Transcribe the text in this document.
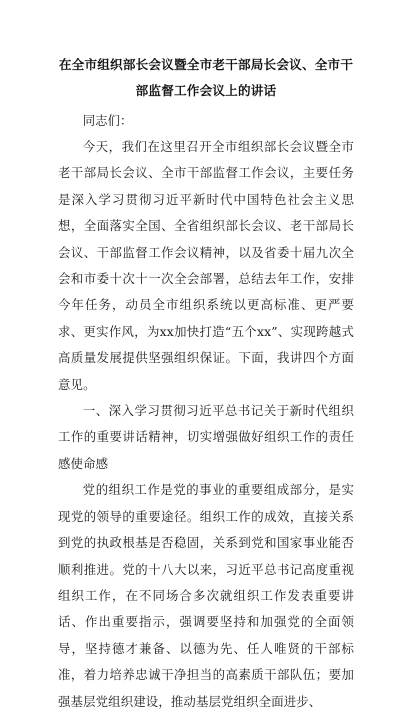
在全市组织部长会议暨全市老干部局长会议、全市干部监督工作会议上的讲话

同志们：

今天，我们在这里召开全市组织部长会议暨全市老干部局长会议、全市干部监督工作会议，主要任务是深入学习贯彻习近平新时代中国特色社会主义思想，全面落实全国、全省组织部长会议、老干部局长会议、干部监督工作会议精神，以及省委十届九次全会和市委十次十一次全会部署，总结去年工作，安排今年任务，动员全市组织系统以更高标准、更严要求、更实作风，为xx加快打造“五个xx”、实现跨越式高质量发展提供坚强组织保证。下面，我讲四个方面意见。

一、深入学习贯彻习近平总书记关于新时代组织工作的重要讲话精神，切实增强做好组织工作的责任感使命感

党的组织工作是党的事业的重要组成部分，是实现党的领导的重要途径。组织工作的成效，直接关系到党的执政根基是否稳固，关系到党和国家事业能否顺利推进。党的十八大以来，习近平总书记高度重视组织工作，在不同场合多次就组织工作发表重要讲话、作出重要指示，强调要坚持和加强党的全面领导，坚持德才兼备、以德为先、任人唯贤的干部标准，着力培养忠诚干净担当的高素质干部队伍；要加强基层党组织建设，推动基层党组织全面进步、
